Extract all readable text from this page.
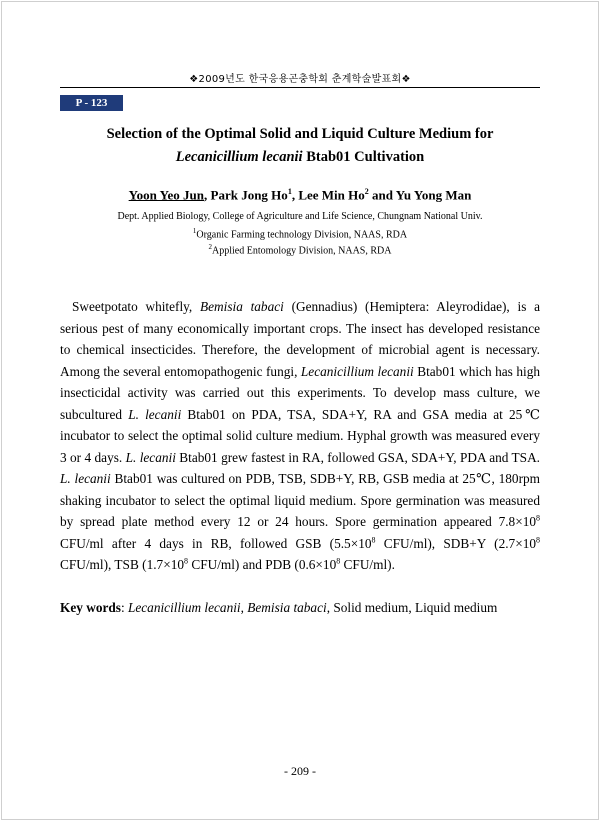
❖2009년도 한국응용곤충학회 춘계학술발표회❖
P - 123
Selection of the Optimal Solid and Liquid Culture Medium for
Lecanicillium lecanii Btab01 Cultivation
Yoon Yeo Jun, Park Jong Ho$^1$, Lee Min Ho$^2$ and Yu Yong Man
Dept. Applied Biology, College of Agriculture and Life Science, Chungnam National Univ.
$^1$Organic Farming technology Division, NAAS, RDA
$^2$Applied Entomology Division, NAAS, RDA

Sweetpotato whitefly, Bemisia tabaci (Gennadius) (Hemiptera: Aleyrodidae), is a serious pest of many economically important crops. The insect has developed resistance to chemical insecticides. Therefore, the development of microbial agent is necessary. Among the several entomopathogenic fungi, Lecanicillium lecanii Btab01 which has high insecticidal activity was carried out this experiments. To develop mass culture, we subcultured L. lecanii Btab01 on PDA, TSA, SDA+Y, RA and GSA media at 25℃ incubator to select the optimal solid culture medium. Hyphal growth was measured every 3 or 4 days. L. lecanii Btab01 grew fastest in RA, followed GSA, SDA+Y, PDA and TSA. L. lecanii Btab01 was cultured on PDB, TSB, SDB+Y, RB, GSB media at 25℃, 180rpm shaking incubator to select the optimal liquid medium. Spore germination was measured by spread plate method every 12 or 24 hours. Spore germination appeared $7.8\times 10^8$ CFU/ml after 4 days in RB, followed GSB ($5.5\times 10^8$ CFU/ml), SDB+Y ($2.7\times 10^8$ CFU/ml), TSB ($1.7\times 10^8$ CFU/ml) and PDB ($0.6\times 10^8$ CFU/ml).

Key words: Lecanicillium lecanii, Bemisia tabaci, Solid medium, Liquid medium
- 209 -
